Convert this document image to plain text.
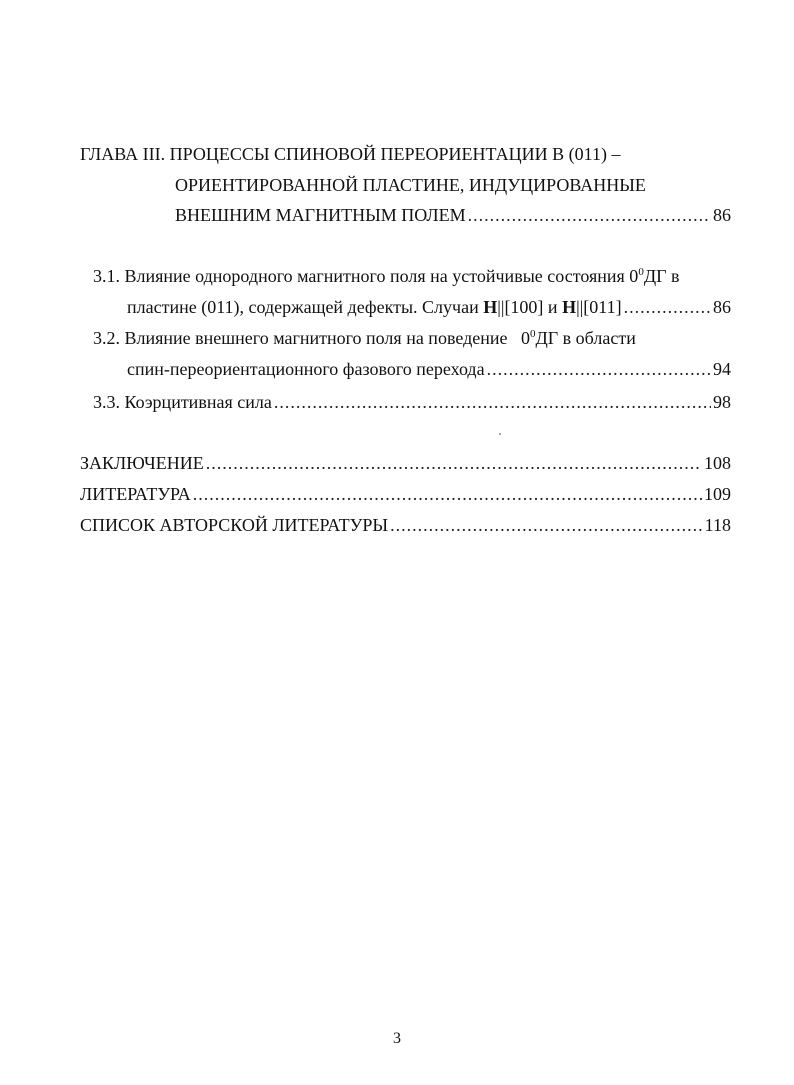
ГЛАВА III. ПРОЦЕССЫ СПИНОВОЙ ПЕРЕОРИЕНТАЦИИ В (011) –
ОРИЕНТИРОВАННОЙ ПЛАСТИНЕ, ИНДУЦИРОВАННЫЕ
ВНЕШНИМ МАГНИТНЫМ ПОЛЕМ .....	86
3.1. Влияние однородного магнитного поля на устойчивые состояния $0^0ДГ$ в
пластине (011), содержащей дефекты. Случаи H||[100] и H||[011] .....	86
3.2. Влияние внешнего магнитного поля на поведение   $0^0ДГ$ в области
спин-переориентационного фазового перехода .....	94
3.3. Коэрцитивная сила .....	98
ЗАКЛЮЧЕНИЕ .....	108
ЛИТЕРАТУРА .....	109
СПИСОК АВТОРСКОЙ ЛИТЕРАТУРЫ .....	118
3
